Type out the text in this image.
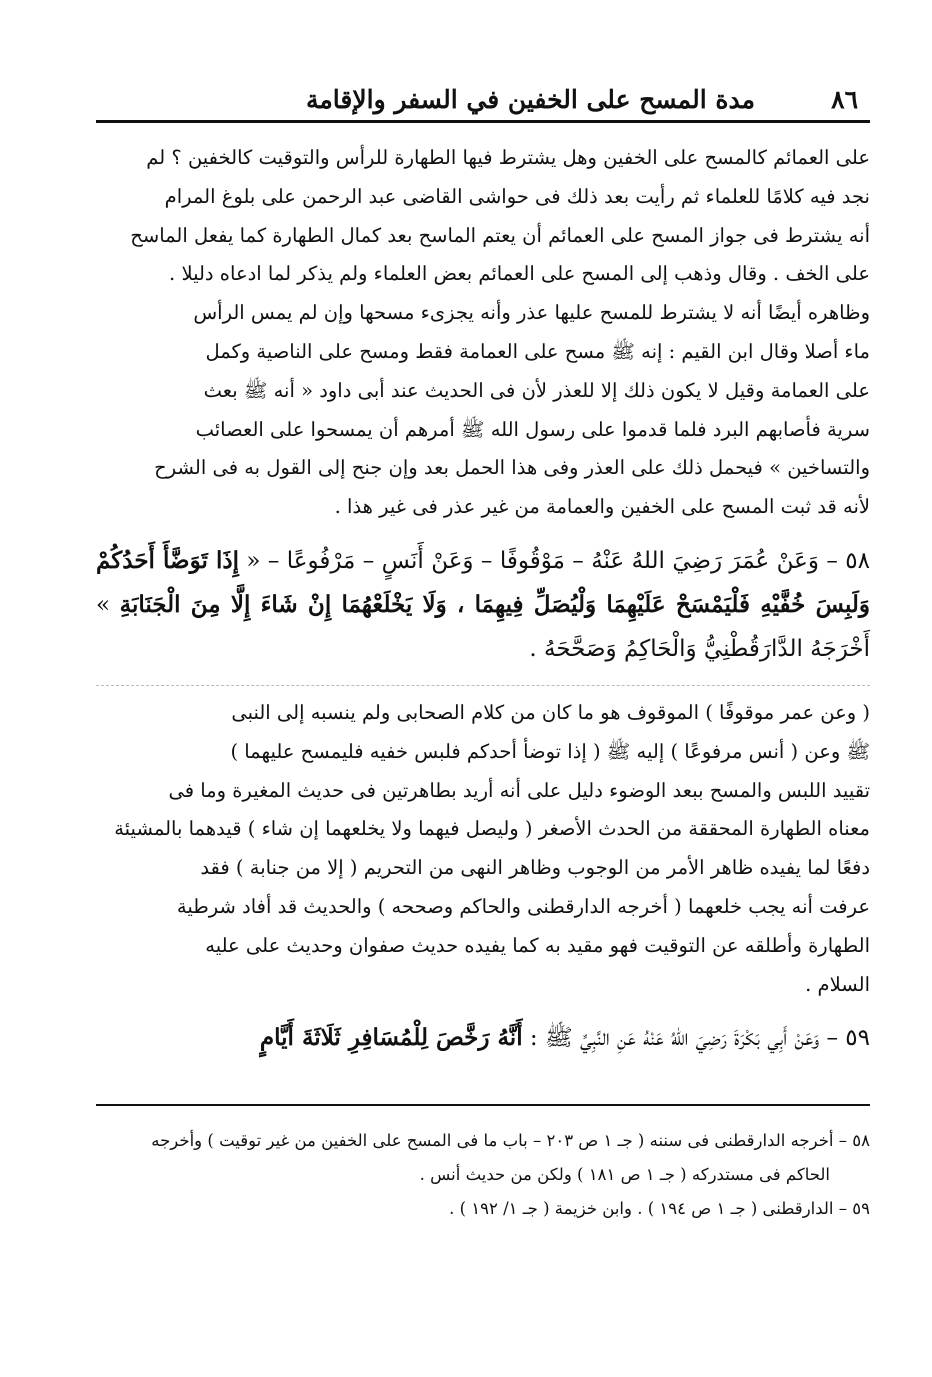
٨٦
مدة المسح على الخفين في السفر والإقامة
على العمائم كالمسح على الخفين وهل يشترط فيها الطهارة للرأس والتوقيت كالخفين ؟ لم
نجد فيه كلامًا للعلماء ثم رأيت بعد ذلك فى حواشى القاضى عبد الرحمن على بلوغ المرام
أنه يشترط فى جواز المسح على العمائم أن يعتم الماسح بعد كمال الطهارة كما يفعل الماسح
على الخف . وقال وذهب إلى المسح على العمائم بعض العلماء ولم يذكر لما ادعاه دليلا .
وظاهره أيضًا أنه لا يشترط للمسح عليها عذر وأنه يجزىء مسحها وإن لم يمس الرأس
ماء أصلا وقال ابن القيم : إنه ﷺ مسح على العمامة فقط ومسح على الناصية وكمل
على العمامة وقيل لا يكون ذلك إلا للعذر لأن فى الحديث عند أبى داود « أنه ﷺ بعث
سرية فأصابهم البرد فلما قدموا على رسول الله ﷺ أمرهم أن يمسحوا على العصائب
والتساخين » فيحمل ذلك على العذر وفى هذا الحمل بعد وإن جنح إلى القول به فى الشرح
لأنه قد ثبت المسح على الخفين والعمامة من غير عذر فى غير هذا .
٥٨ – وَعَنْ عُمَرَ رَضِيَ اللهُ عَنْهُ – مَوْقُوفًا – وَعَنْ أَنَسٍ – مَرْفُوعًا – « إِذَا تَوَضَّأَ أَحَدُكُمْ وَلَبِسَ خُفَّيْهِ فَلْيَمْسَحْ عَلَيْهِمَا وَلْيُصَلِّ فِيهِمَا ، وَلَا يَخْلَعْهُمَا إِنْ شَاءَ إِلَّا مِنَ الْجَنَابَةِ » أَخْرَجَهُ الدَّارَقُطْنِيُّ وَالْحَاكِمُ وَصَحَّحَهُ .
( وعن عمر موقوفًا ) الموقوف هو ما كان من كلام الصحابى ولم ينسبه إلى النبى
ﷺ وعن ( أنس مرفوعًا ) إليه ﷺ ( إذا توضأ أحدكم فلبس خفيه فليمسح عليهما )
تقييد اللبس والمسح ببعد الوضوء دليل على أنه أريد بطاهرتين فى حديث المغيرة وما فى
معناه الطهارة المحققة من الحدث الأصغر ( وليصل فيهما ولا يخلعهما إن شاء ) قيدهما بالمشيئة
دفعًا لما يفيده ظاهر الأمر من الوجوب وظاهر النهى من التحريم ( إلا من جنابة ) فقد
عرفت أنه يجب خلعهما ( أخرجه الدارقطنى والحاكم وصححه ) والحديث قد أفاد شرطية
الطهارة وأطلقه عن التوقيت فهو مقيد به كما يفيده حديث صفوان وحديث على عليه
السلام .
٥٩ – وَعَنْ أَبِي بَكْرَةَ رَضِيَ اللهُ عَنْهُ عَنِ النَّبِيِّ ﷺ : أَنَّهُ رَخَّصَ لِلْمُسَافِرِ ثَلَاثَةَ أَيَّامٍ

٥٨ – أخرجه الدارقطنى فى سننه ( جـ ١ ص ٢٠٣ – باب ما فى المسح على الخفين من غير توقيت ) وأخرجه

الحاكم فى مستدركه ( جـ ١ ص ١٨١ ) ولكن من حديث أنس .

٥٩ – الدارقطنى ( جـ ١ ص ١٩٤ ) . وابن خزيمة ( جـ ١/ ١٩٢ ) .
